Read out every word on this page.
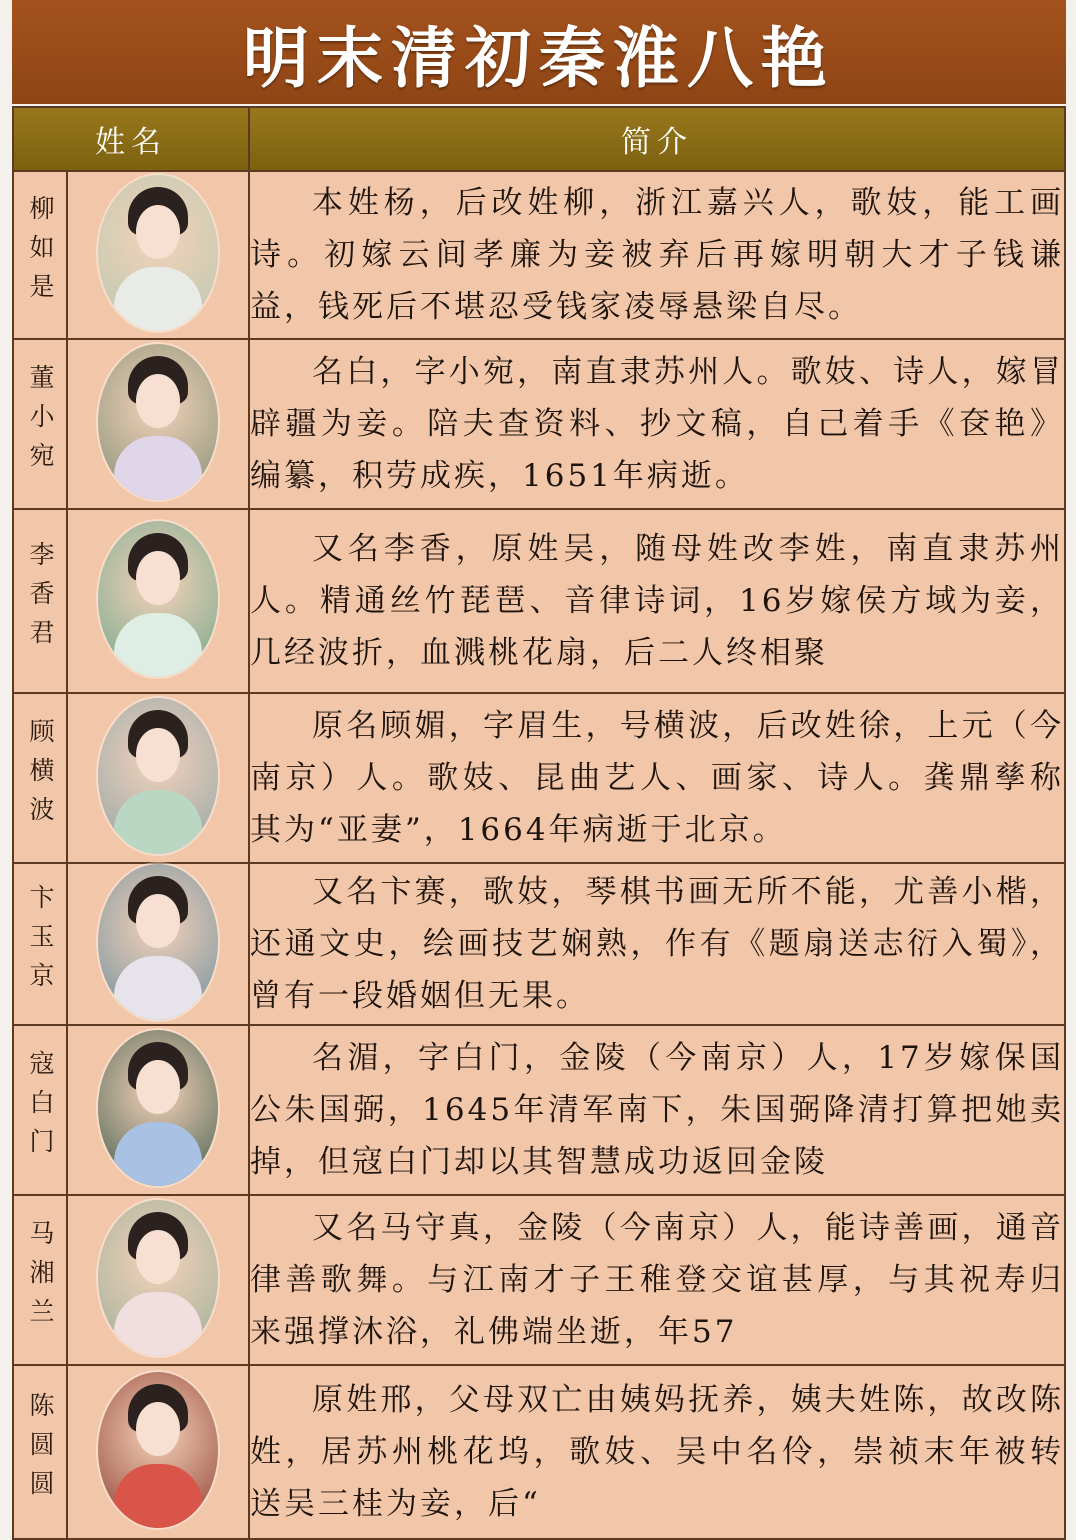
明末清初秦淮八艳
姓名		简介
柳如是		本姓杨，后改姓柳，浙江嘉兴人，歌妓，能工画诗。初嫁云间孝廉为妾被弃后再嫁明朝大才子钱谦益，钱死后不堪忍受钱家凌辱悬梁自尽。

董小宛		名白，字小宛，南直隶苏州人。歌妓、诗人，嫁冒辟疆为妾。陪夫查资料、抄文稿，自己着手《奁艳》编纂，积劳成疾，1651年病逝。

李香君		又名李香，原姓吴，随母姓改李姓，南直隶苏州人。精通丝竹琵琶、音律诗词，16岁嫁侯方域为妾，几经波折，血溅桃花扇，后二人终相聚

顾横波		原名顾媚，字眉生，号横波，后改姓徐，上元（今南京）人。歌妓、昆曲艺人、画家、诗人。龚鼎孳称其为“亚妻”，1664年病逝于北京。

卞玉京		又名卞赛，歌妓，琴棋书画无所不能，尤善小楷，还通文史，绘画技艺娴熟，作有《题扇送志衍入蜀》，曾有一段婚姻但无果。

寇白门		名湄，字白门，金陵（今南京）人，17岁嫁保国公朱国弼，1645年清军南下，朱国弼降清打算把她卖掉，但寇白门却以其智慧成功返回金陵

马湘兰		又名马守真，金陵（今南京）人，能诗善画，通音律善歌舞。与江南才子王稚登交谊甚厚，与其祝寿归来强撑沐浴，礼佛端坐逝，年57

陈圆圆		原姓邢，父母双亡由姨妈抚养，姨夫姓陈，故改陈姓，居苏州桃花坞，歌妓、吴中名伶，崇祯末年被转送吴三桂为妾，后“
